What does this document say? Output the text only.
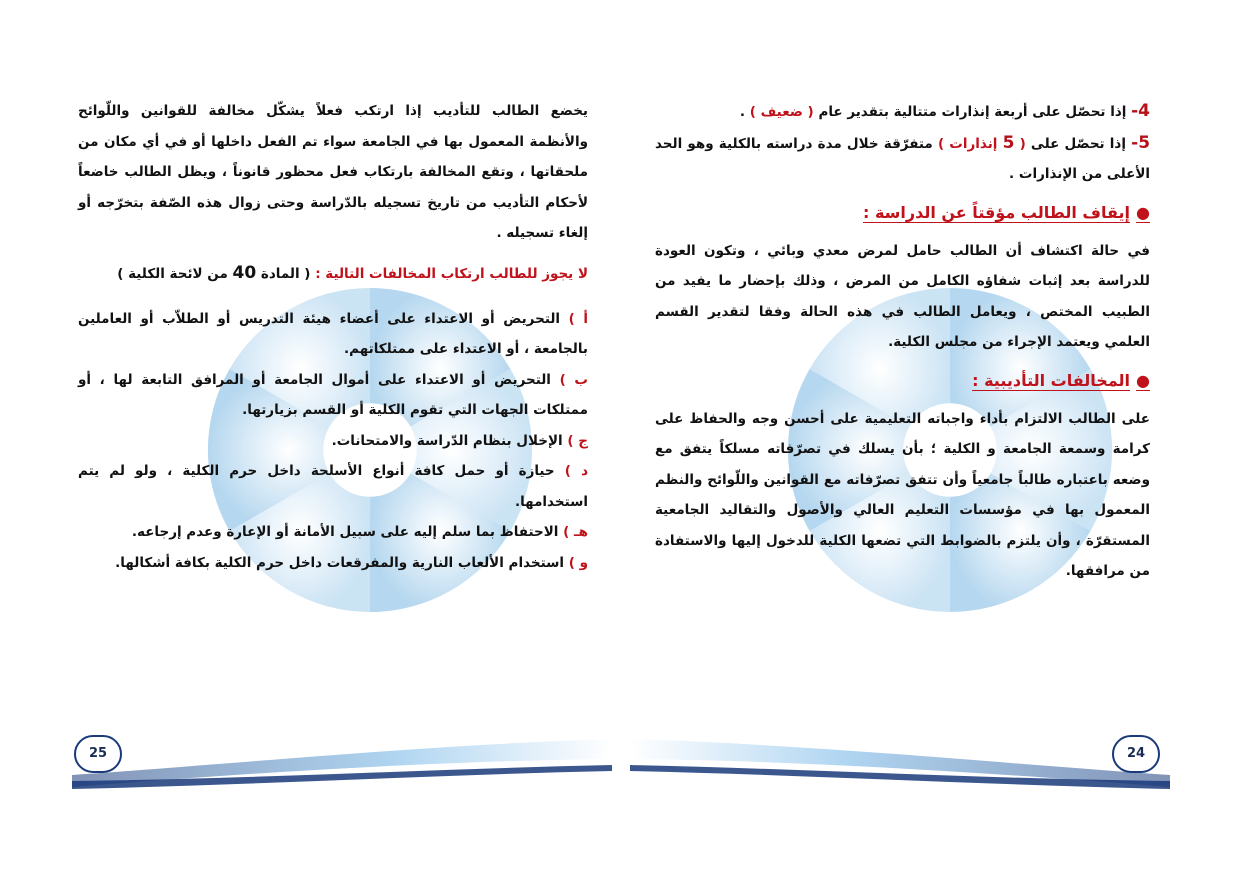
يخضع الطالب للتأديب إذا ارتكب فعلاً يشكّل مخالفة للقوانين واللّوائح والأنظمة المعمول بها في الجامعة سواء تم الفعل داخلها أو في أي مكان من ملحقاتها ، وتقع المخالفة بارتكاب فعل محظور قانوناً ، ويظل الطالب خاضعاً لأحكام التأديب من تاريخ تسجيله بالدّراسة وحتى زوال هذه الصّفة بتخرّجه أو إلغاء تسجيله .

لا يجوز للطالب ارتكاب المخالفات التالية : ( المادة 40 من لائحة الكلية )

أ ) التحريض أو الاعتداء على أعضاء هيئة التدريس أو الطلاّب أو العاملين بالجامعة ، أو الاعتداء على ممتلكاتهم.

ب ) التحريض أو الاعتداء على أموال الجامعة أو المرافق التابعة لها ، أو ممتلكات الجهات التي تقوم الكلية أو القسم بزيارتها.

ج ) الإخلال بنظام الدّراسة والامتحانات.

د ) حيازة أو حمل كافة أنواع الأسلحة داخل حرم الكلية ، ولو لم يتم استخدامها.

هـ ) الاحتفاظ بما سلم إليه على سبيل الأمانة أو الإعارة وعدم إرجاعه.

و ) استخدام الألعاب النارية والمفرقعات داخل حرم الكلية بكافة أشكالها.

25

4- إذا تحصّل على أربعة إنذارات متتالية بتقدير عام ( ضعيف ) .

5- إذا تحصّل على ( 5 إنذارات ) متفرّقة خلال مدة دراسته بالكلية وهو الحد الأعلى من الإنذارات .

●إيقاف الطالب مؤقتاً عن الدراسة :

في حالة اكتشاف أن الطالب حامل لمرض معدي وبائي ، وتكون العودة للدراسة بعد إثبات شفاؤه الكامل من المرض ، وذلك بإحضار ما يفيد من الطبيب المختص ، ويعامل الطالب في هذه الحالة وفقا لتقدير القسم العلمي ويعتمد الإجراء من مجلس الكلية.

●المخالفات التأديبية :

على الطالب الالتزام بأداء واجباته التعليمية على أحسن وجه والحفاظ على كرامة وسمعة الجامعة و الكلية ؛ بأن يسلك في تصرّفاته مسلكاً يتفق مع وضعه باعتباره طالباً جامعياً وأن تتفق تصرّفاته مع القوانين واللّوائح والنظم المعمول بها في مؤسسات التعليم العالي والأصول والتقاليد الجامعية المستقرّة ، وأن يلتزم بالضوابط التي تضعها الكلية للدخول إليها والاستفادة من مرافقها.

24
